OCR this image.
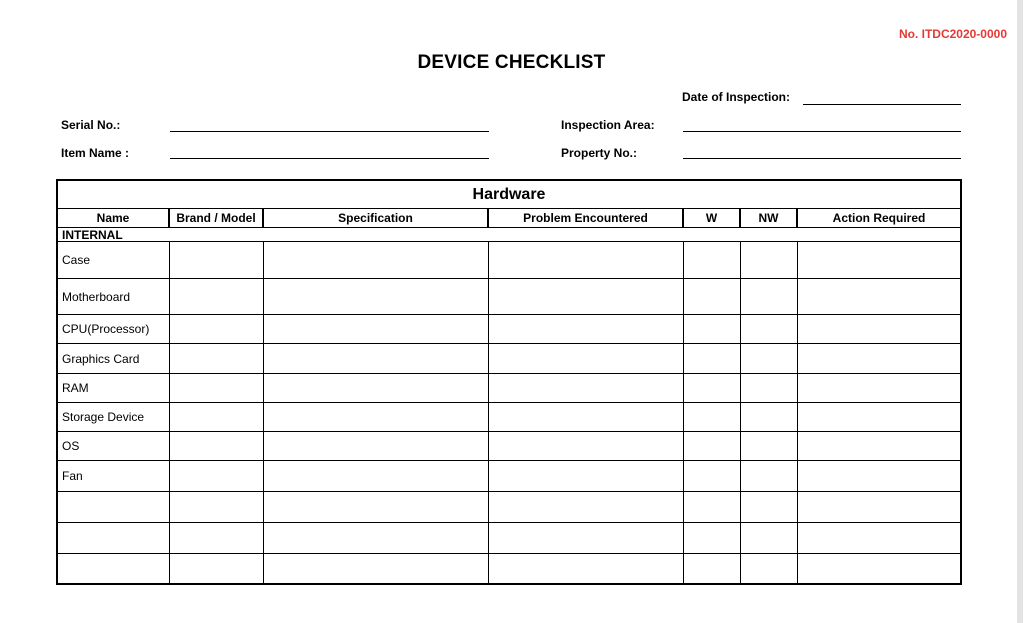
No. ITDC2020-0000
DEVICE CHECKLIST
Date of Inspection:
Serial No.:
Item Name :
Inspection Area:
Property No.:
Hardware						
Name	Brand / Model	Specification	Problem Encountered	W	NW	Action Required
INTERNAL						
Case						
Motherboard						
CPU(Processor)						
Graphics Card						
RAM						
Storage Device						
OS						
Fan						
